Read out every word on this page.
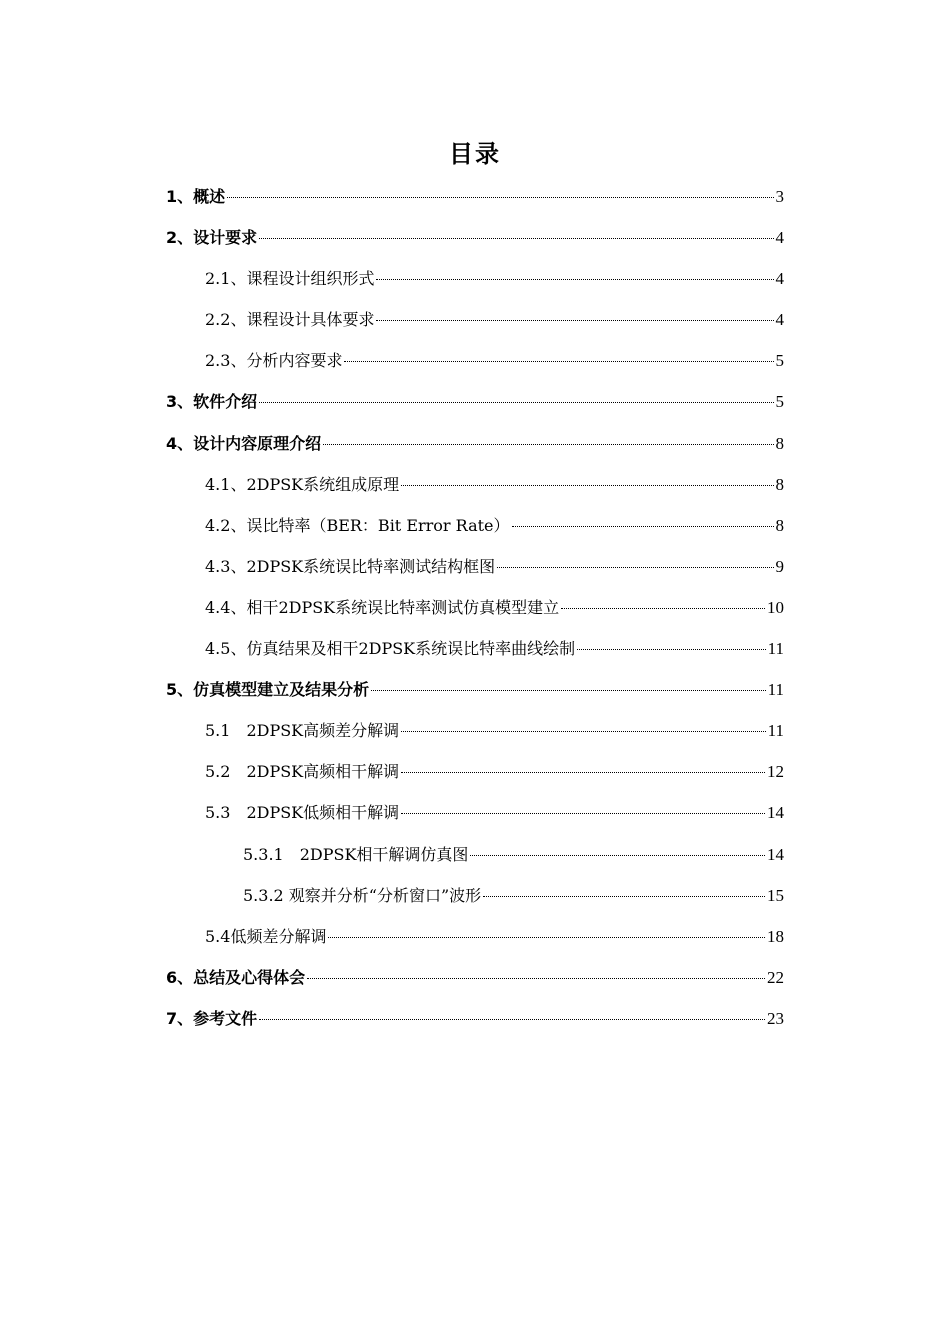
目录
1、概述	3
2、设计要求	4
2.1、课程设计组织形式	4
2.2、课程设计具体要求	4
2.3、分析内容要求	5
3、软件介绍	5
4、设计内容原理介绍	8
4.1、2DPSK系统组成原理	8
4.2、误比特率（BER：Bit Error Rate）	8
4.3、2DPSK系统误比特率测试结构框图	9
4.4、相干2DPSK系统误比特率测试仿真模型建立	10
4.5、仿真结果及相干2DPSK系统误比特率曲线绘制	11
5、仿真模型建立及结果分析	11
5.1　2DPSK高频差分解调	11
5.2　2DPSK高频相干解调	12
5.3　2DPSK低频相干解调	14
5.3.1　2DPSK相干解调仿真图	14
5.3.2 观察并分析“分析窗口”波形	15
5.4低频差分解调	18
6、总结及心得体会	22
7、参考文件	23
